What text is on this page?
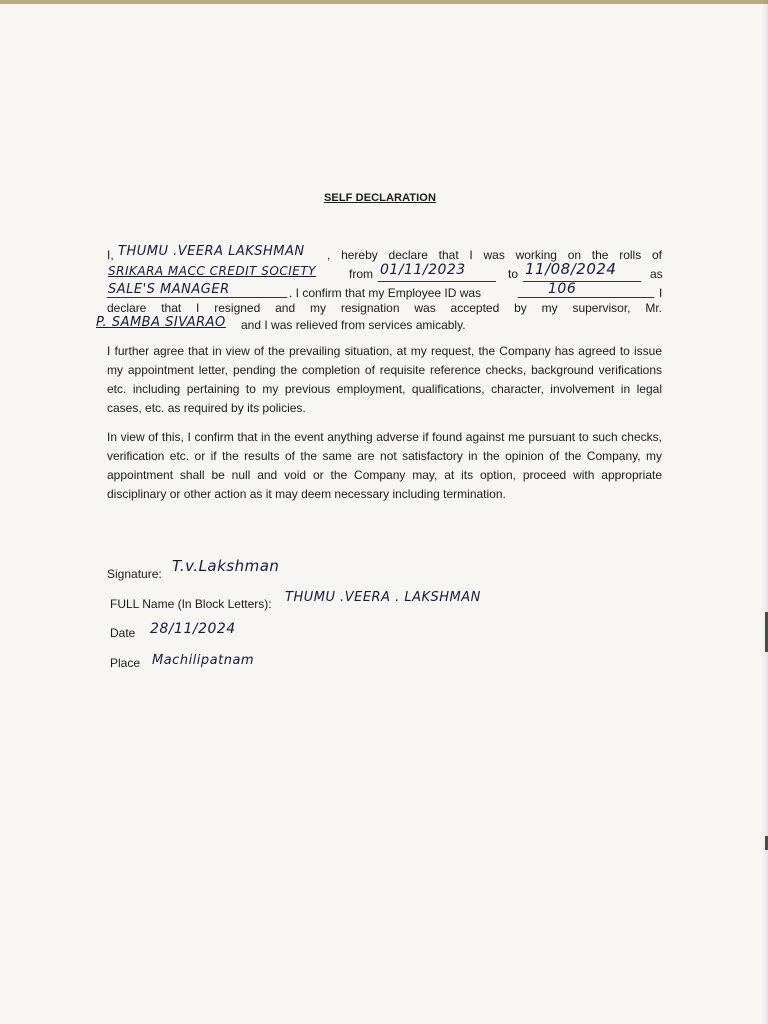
SELF DECLARATION
I, THUMU .VEERA LAKSHMAN , hereby declare that I was working on the rolls of
SRIKARA MACC CREDIT SOCIETY	from 01/11/2023	to 11/08/2024	as
SALE'S MANAGER	. I confirm that my Employee ID was	106	I
declare that I resigned and my resignation was accepted by my supervisor, Mr.
P. SAMBA SIVARAO and I was relieved from services amicably.

I further agree that in view of the prevailing situation, at my request, the Company has agreed to issue my appointment letter, pending the completion of requisite reference checks, background verifications etc. including pertaining to my previous employment, qualifications, character, involvement in legal cases, etc. as required by its policies.

In view of this, I confirm that in the event anything adverse if found against me pursuant to such checks, verification etc. or if the results of the same are not satisfactory in the opinion of the Company, my appointment shall be null and void or the Company may, at its option, proceed with appropriate disciplinary or other action as it may deem necessary including termination.

Signature: T.v.Lakshman
FULL Name (In Block Letters): THUMU .VEERA . LAKSHMAN
Date 28/11/2024
Place Machilipatnam
